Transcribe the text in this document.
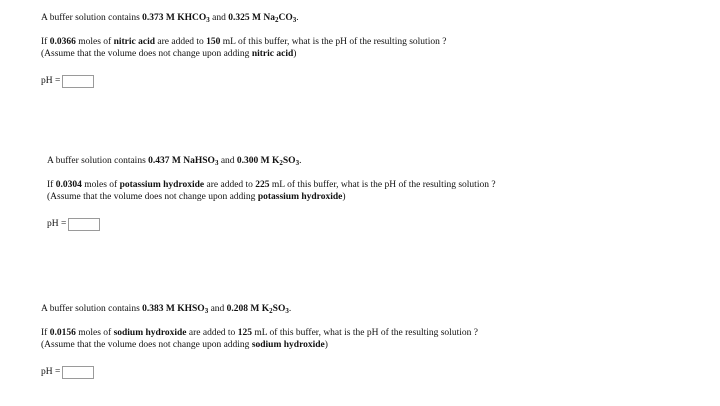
A buffer solution contains 0.373 M $KHCO_3$ and 0.325 M $Na_2CO_3$.
If 0.0366 moles of nitric acid are added to 150 mL of this buffer, what is the pH of the resulting solution ?
(Assume that the volume does not change upon adding nitric acid)
pH =
A buffer solution contains 0.437 M NaHSO$_3$ and 0.300 M $K_2SO_3$.
If 0.0304 moles of potassium hydroxide are added to 225 mL of this buffer, what is the pH of the resulting solution ?
(Assume that the volume does not change upon adding potassium hydroxide)
pH =
A buffer solution contains 0.383 M $KHSO_3$ and 0.208 M $K_2SO_3$.
If 0.0156 moles of sodium hydroxide are added to 125 mL of this buffer, what is the pH of the resulting solution ?
(Assume that the volume does not change upon adding sodium hydroxide)
pH =
